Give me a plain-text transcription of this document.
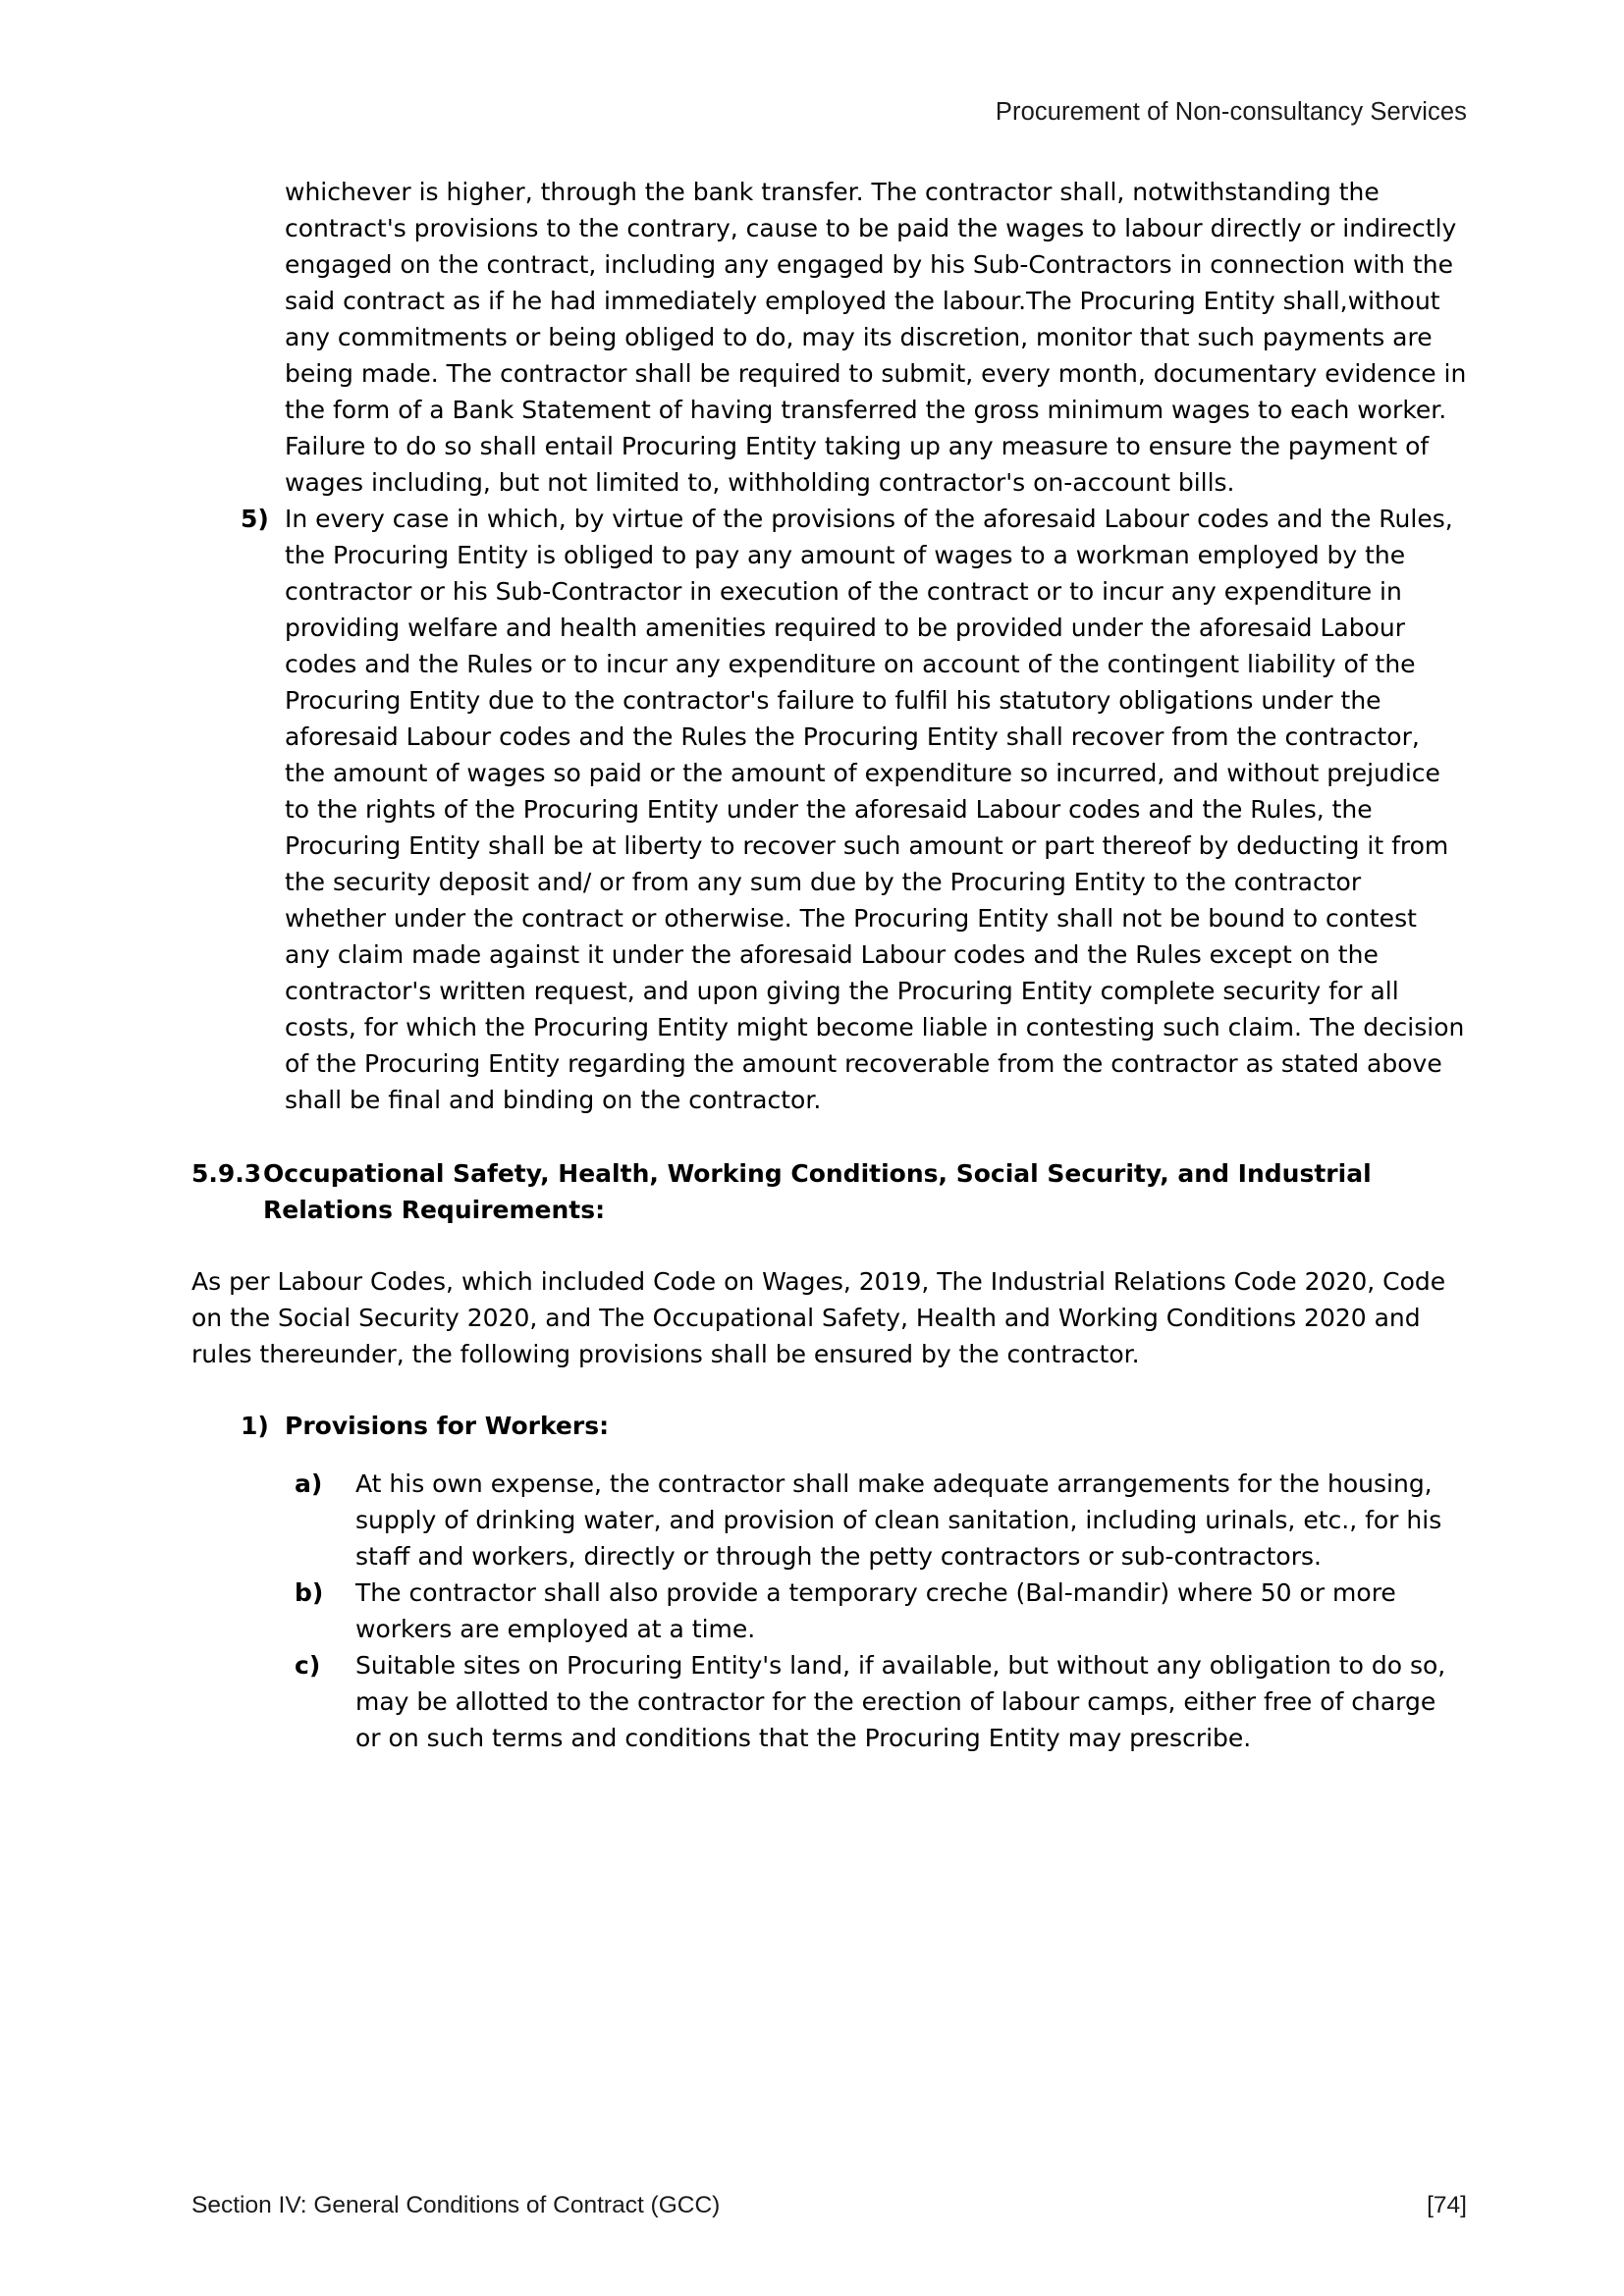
Procurement of Non-consultancy Services

whichever is higher, through the bank transfer. The contractor shall, notwithstanding the contract's provisions to the contrary, cause to be paid the wages to labour directly or indirectly engaged on the contract, including any engaged by his Sub-Contractors in connection with the said contract as if he had immediately employed the labour.The Procuring Entity shall,without any commitments or being obliged to do, may its discretion, monitor that such payments are being made. The contractor shall be required to submit, every month, documentary evidence in the form of a Bank Statement of having transferred the gross minimum wages to each worker. Failure to do so shall entail Procuring Entity taking up any measure to ensure the payment of wages including, but not limited to, withholding contractor's on-account bills.

5) In every case in which, by virtue of the provisions of the aforesaid Labour codes and the Rules, the Procuring Entity is obliged to pay any amount of wages to a workman employed by the contractor or his Sub-Contractor in execution of the contract or to incur any expenditure in providing welfare and health amenities required to be provided under the aforesaid Labour codes and the Rules or to incur any expenditure on account of the contingent liability of the Procuring Entity due to the contractor's failure to fulfil his statutory obligations under the aforesaid Labour codes and the Rules the Procuring Entity shall recover from the contractor, the amount of wages so paid or the amount of expenditure so incurred, and without prejudice to the rights of the Procuring Entity under the aforesaid Labour codes and the Rules, the Procuring Entity shall be at liberty to recover such amount or part thereof by deducting it from the security deposit and/ or from any sum due by the Procuring Entity to the contractor whether under the contract or otherwise. The Procuring Entity shall not be bound to contest any claim made against it under the aforesaid Labour codes and the Rules except on the contractor's written request, and upon giving the Procuring Entity complete security for all costs, for which the Procuring Entity might become liable in contesting such claim. The decision of the Procuring Entity regarding the amount recoverable from the contractor as stated above shall be final and binding on the contractor.
5.9.3 Occupational Safety, Health, Working Conditions, Social Security, and Industrial Relations Requirements:

As per Labour Codes, which included Code on Wages, 2019, The Industrial Relations Code 2020, Code on the Social Security 2020, and The Occupational Safety, Health and Working Conditions 2020 and rules thereunder, the following provisions shall be ensured by the contractor.

1) Provisions for Workers:
a)	At his own expense, the contractor shall make adequate arrangements for the housing, supply of drinking water, and provision of clean sanitation, including urinals, etc., for his staff and workers, directly or through the petty contractors or sub-contractors.
b)	The contractor shall also provide a temporary creche (Bal-mandir) where 50 or more workers are employed at a time.
c)	Suitable sites on Procuring Entity's land, if available, but without any obligation to do so, may be allotted to the contractor for the erection of labour camps, either free of charge or on such terms and conditions that the Procuring Entity may prescribe.
Section IV: General Conditions of Contract (GCC)	[74]
